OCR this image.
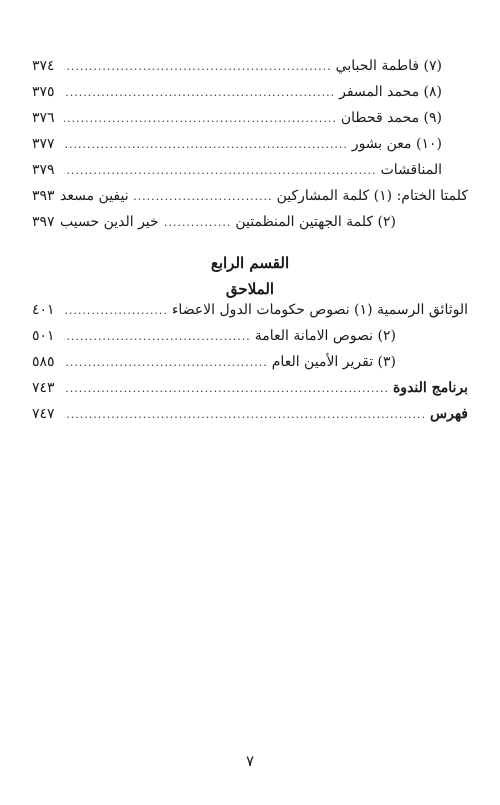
(٧) فاطمة الحبابي
.....
٣٧٤
(٨) محمد المسفر
.....
٣٧٥
(٩) محمد قحطان
.....
٣٧٦
(١٠) معن بشور
.....
٣٧٧
المناقشات
.....
٣٧٩
كلمتا الختام: (١) كلمة المشاركين
.....
نيفين مسعد
٣٩٣
(٢) كلمة الجهتين المنظمتين
.....
خير الدين حسيب
٣٩٧
القسم الرابع
الملاحق
الوثائق الرسمية (١) نصوص حكومات الدول الاعضاء
.....
٤٠١
(٢) نصوص الامانة العامة
.....
٥٠١
(٣) تقرير الأمين العام
.....
٥٨٥
برنامج الندوة
.....
٧٤٣
فهرس
.....
٧٤٧
٧
